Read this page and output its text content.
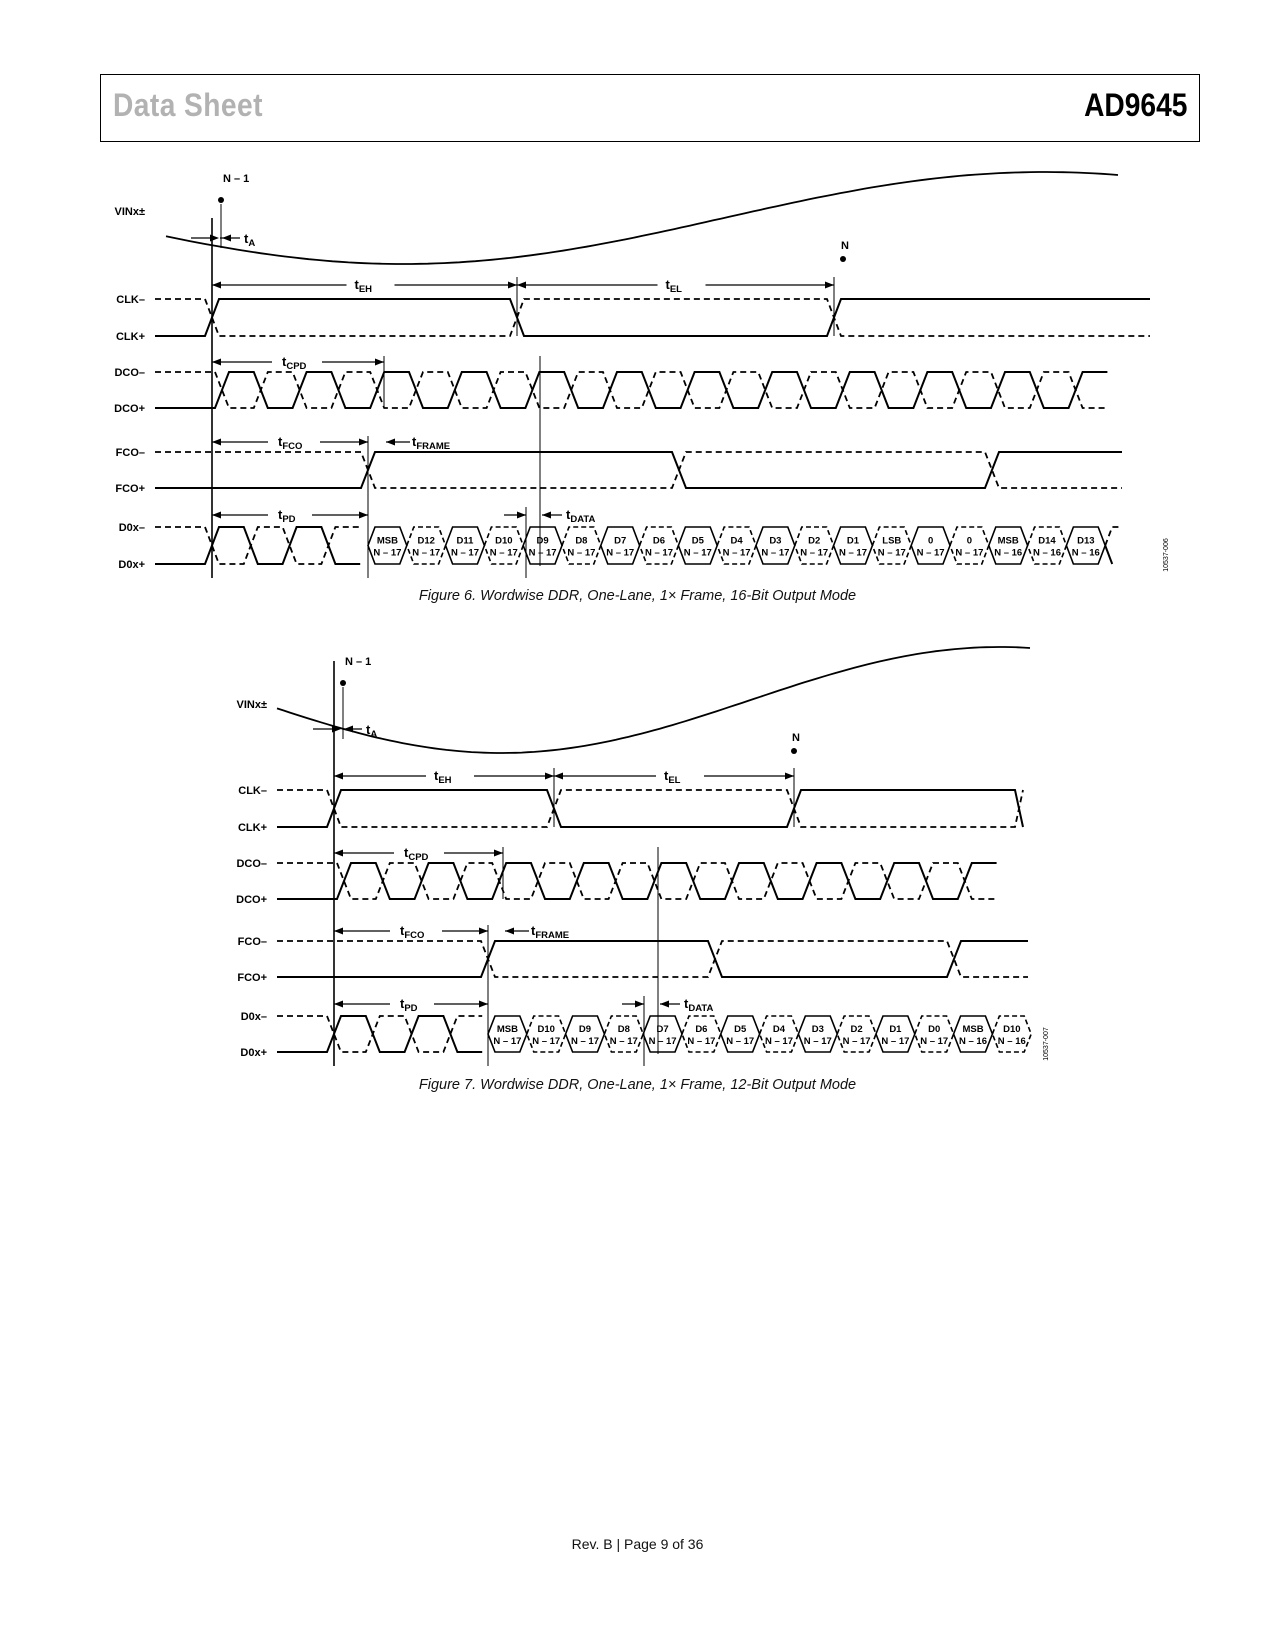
Data Sheet	AD9645
VINx±
CLK–
CLK+
DCO–
DCO+
FCO–
FCO+
D0x–
D0x+
N – 1
N
$t_A$
$t_{EH}$	$t_{EL}$
$t_{CPD}$
$t_{FCO}$	$t_{FRAME}$
$t_{PD}$	$t_{DATA}$
MSB
N – 17
D12
N – 17
D11
N – 17
D10
N – 17
D9
N – 17
D8
N – 17
D7
N – 17
D6
N – 17
D5
N – 17
D4
N – 17
D3
N – 17
D2
N – 17
D1
N – 17
LSB
N – 17
0
N – 17
0
N – 17
MSB
N – 16
D14
N – 16
D13
N – 16	10537-006
Figure 6. Wordwise DDR, One-Lane, 1× Frame, 16-Bit Output Mode
VINx±
CLK–
CLK+
DCO–
DCO+
FCO–
FCO+
D0x–
D0x+
N – 1
N
$t_A$
$t_{EH}$	$t_{EL}$
$t_{CPD}$
$t_{FCO}$	$t_{FRAME}$
$t_{PD}$	$t_{DATA}$
MSB
N – 17
D10
N – 17
D9
N – 17
D8
N – 17
D7
N – 17
D6
N – 17
D5
N – 17
D4
N – 17
D3
N – 17
D2
N – 17
D1
N – 17
D0
N – 17
MSB
N – 16
D10
N – 16 10537-007
Figure 7. Wordwise DDR, One-Lane, 1× Frame, 12-Bit Output Mode
Rev. B | Page 9 of 36
